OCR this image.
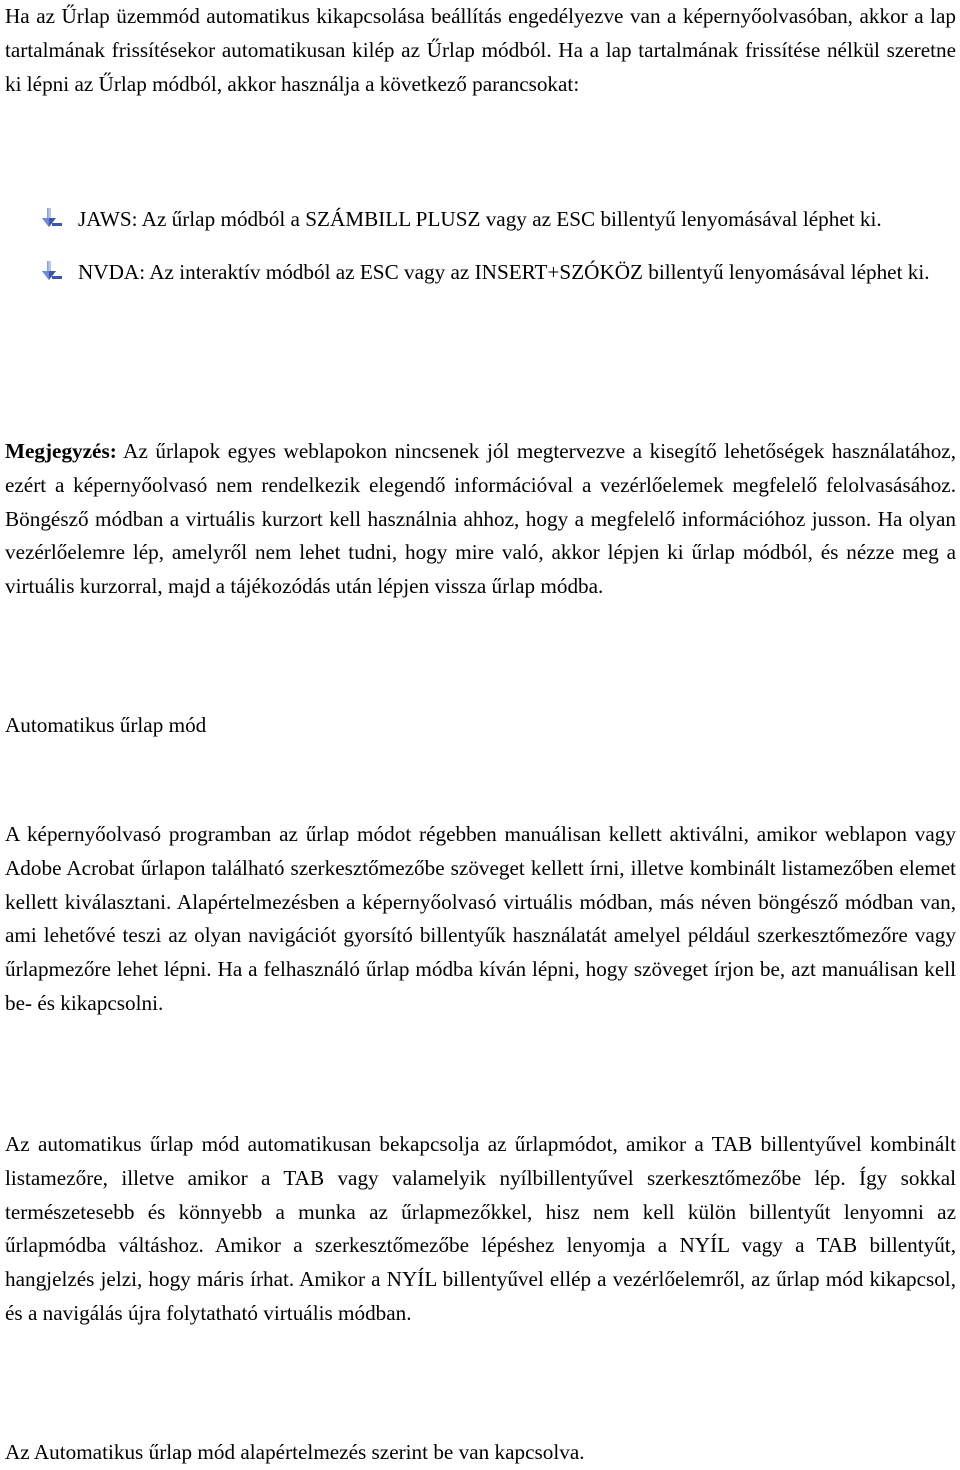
Ha az Űrlap üzemmód automatikus kikapcsolása beállítás engedélyezve van a képernyőolvasóban, akkor a lap tartalmának frissítésekor automatikusan kilép az Űrlap módból. Ha a lap tartalmának frissítése nélkül szeretne ki lépni az Űrlap módból, akkor használja a következő parancsokat:

JAWS: Az űrlap módból a SZÁMBILL PLUSZ vagy az ESC billentyű lenyomásával léphet ki.
NVDA: Az interaktív módból az ESC vagy az INSERT+SZÓKÖZ billentyű lenyomásával léphet ki.

Megjegyzés: Az űrlapok egyes weblapokon nincsenek jól megtervezve a kisegítő lehetőségek használatához, ezért a képernyőolvasó nem rendelkezik elegendő információval a vezérlőelemek megfelelő felolvasásához. Böngésző módban a virtuális kurzort kell használnia ahhoz, hogy a megfelelő információhoz jusson. Ha olyan vezérlőelemre lép, amelyről nem lehet tudni, hogy mire való, akkor lépjen ki űrlap módból, és nézze meg a virtuális kurzorral, majd a tájékozódás után lépjen vissza űrlap módba.

Automatikus űrlap mód

A képernyőolvasó programban az űrlap módot régebben manuálisan kellett aktiválni, amikor weblapon vagy Adobe Acrobat űrlapon található szerkesztőmezőbe szöveget kellett írni, illetve kombinált listamezőben elemet kellett kiválasztani. Alapértelmezésben a képernyőolvasó virtuális módban, más néven böngésző módban van, ami lehetővé teszi az olyan navigációt gyorsító billentyűk használatát amelyel például szerkesztőmezőre vagy űrlapmezőre lehet lépni. Ha a felhasználó űrlap módba kíván lépni, hogy szöveget írjon be, azt manuálisan kell be- és kikapcsolni.

Az automatikus űrlap mód automatikusan bekapcsolja az űrlapmódot, amikor a TAB billentyűvel kombinált listamezőre, illetve amikor a TAB vagy valamelyik nyílbillentyűvel szerkesztőmezőbe lép. Így sokkal természetesebb és könnyebb a munka az űrlapmezőkkel, hisz nem kell külön billentyűt lenyomni az űrlapmódba váltáshoz. Amikor a szerkesztőmezőbe lépéshez lenyomja a NYÍL vagy a TAB billentyűt, hangjelzés jelzi, hogy máris írhat. Amikor a NYÍL billentyűvel ellép a vezérlőelemről, az űrlap mód kikapcsol, és a navigálás újra folytatható virtuális módban.

Az Automatikus űrlap mód alapértelmezés szerint be van kapcsolva.
